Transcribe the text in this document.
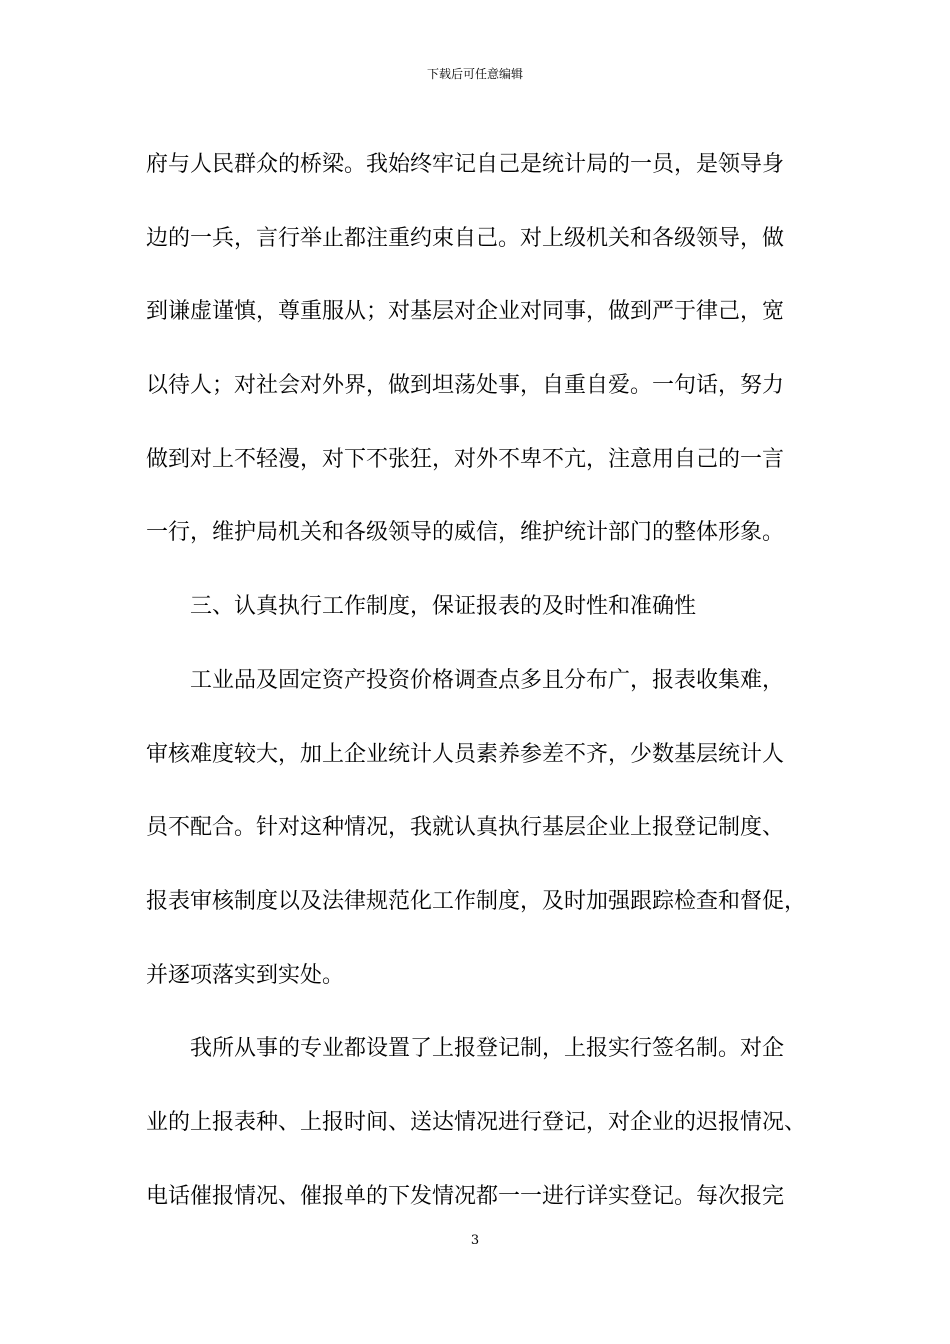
下载后可任意编辑
府与人民群众的桥梁。我始终牢记自己是统计局的一员，是领导身
边的一兵，言行举止都注重约束自己。对上级机关和各级领导，做
到谦虚谨慎，尊重服从；对基层对企业对同事，做到严于律己，宽
以待人；对社会对外界，做到坦荡处事，自重自爱。一句话，努力
做到对上不轻漫，对下不张狂，对外不卑不亢，注意用自己的一言
一行，维护局机关和各级领导的威信，维护统计部门的整体形象。
三、认真执行工作制度，保证报表的及时性和准确性
工业品及固定资产投资价格调查点多且分布广，报表收集难，
审核难度较大，加上企业统计人员素养参差不齐，少数基层统计人
员不配合。针对这种情况，我就认真执行基层企业上报登记制度、
报表审核制度以及法律规范化工作制度，及时加强跟踪检查和督促，
并逐项落实到实处。
我所从事的专业都设置了上报登记制，上报实行签名制。对企
业的上报表种、上报时间、送达情况进行登记，对企业的迟报情况、
电话催报情况、催报单的下发情况都一一进行详实登记。每次报完
3
